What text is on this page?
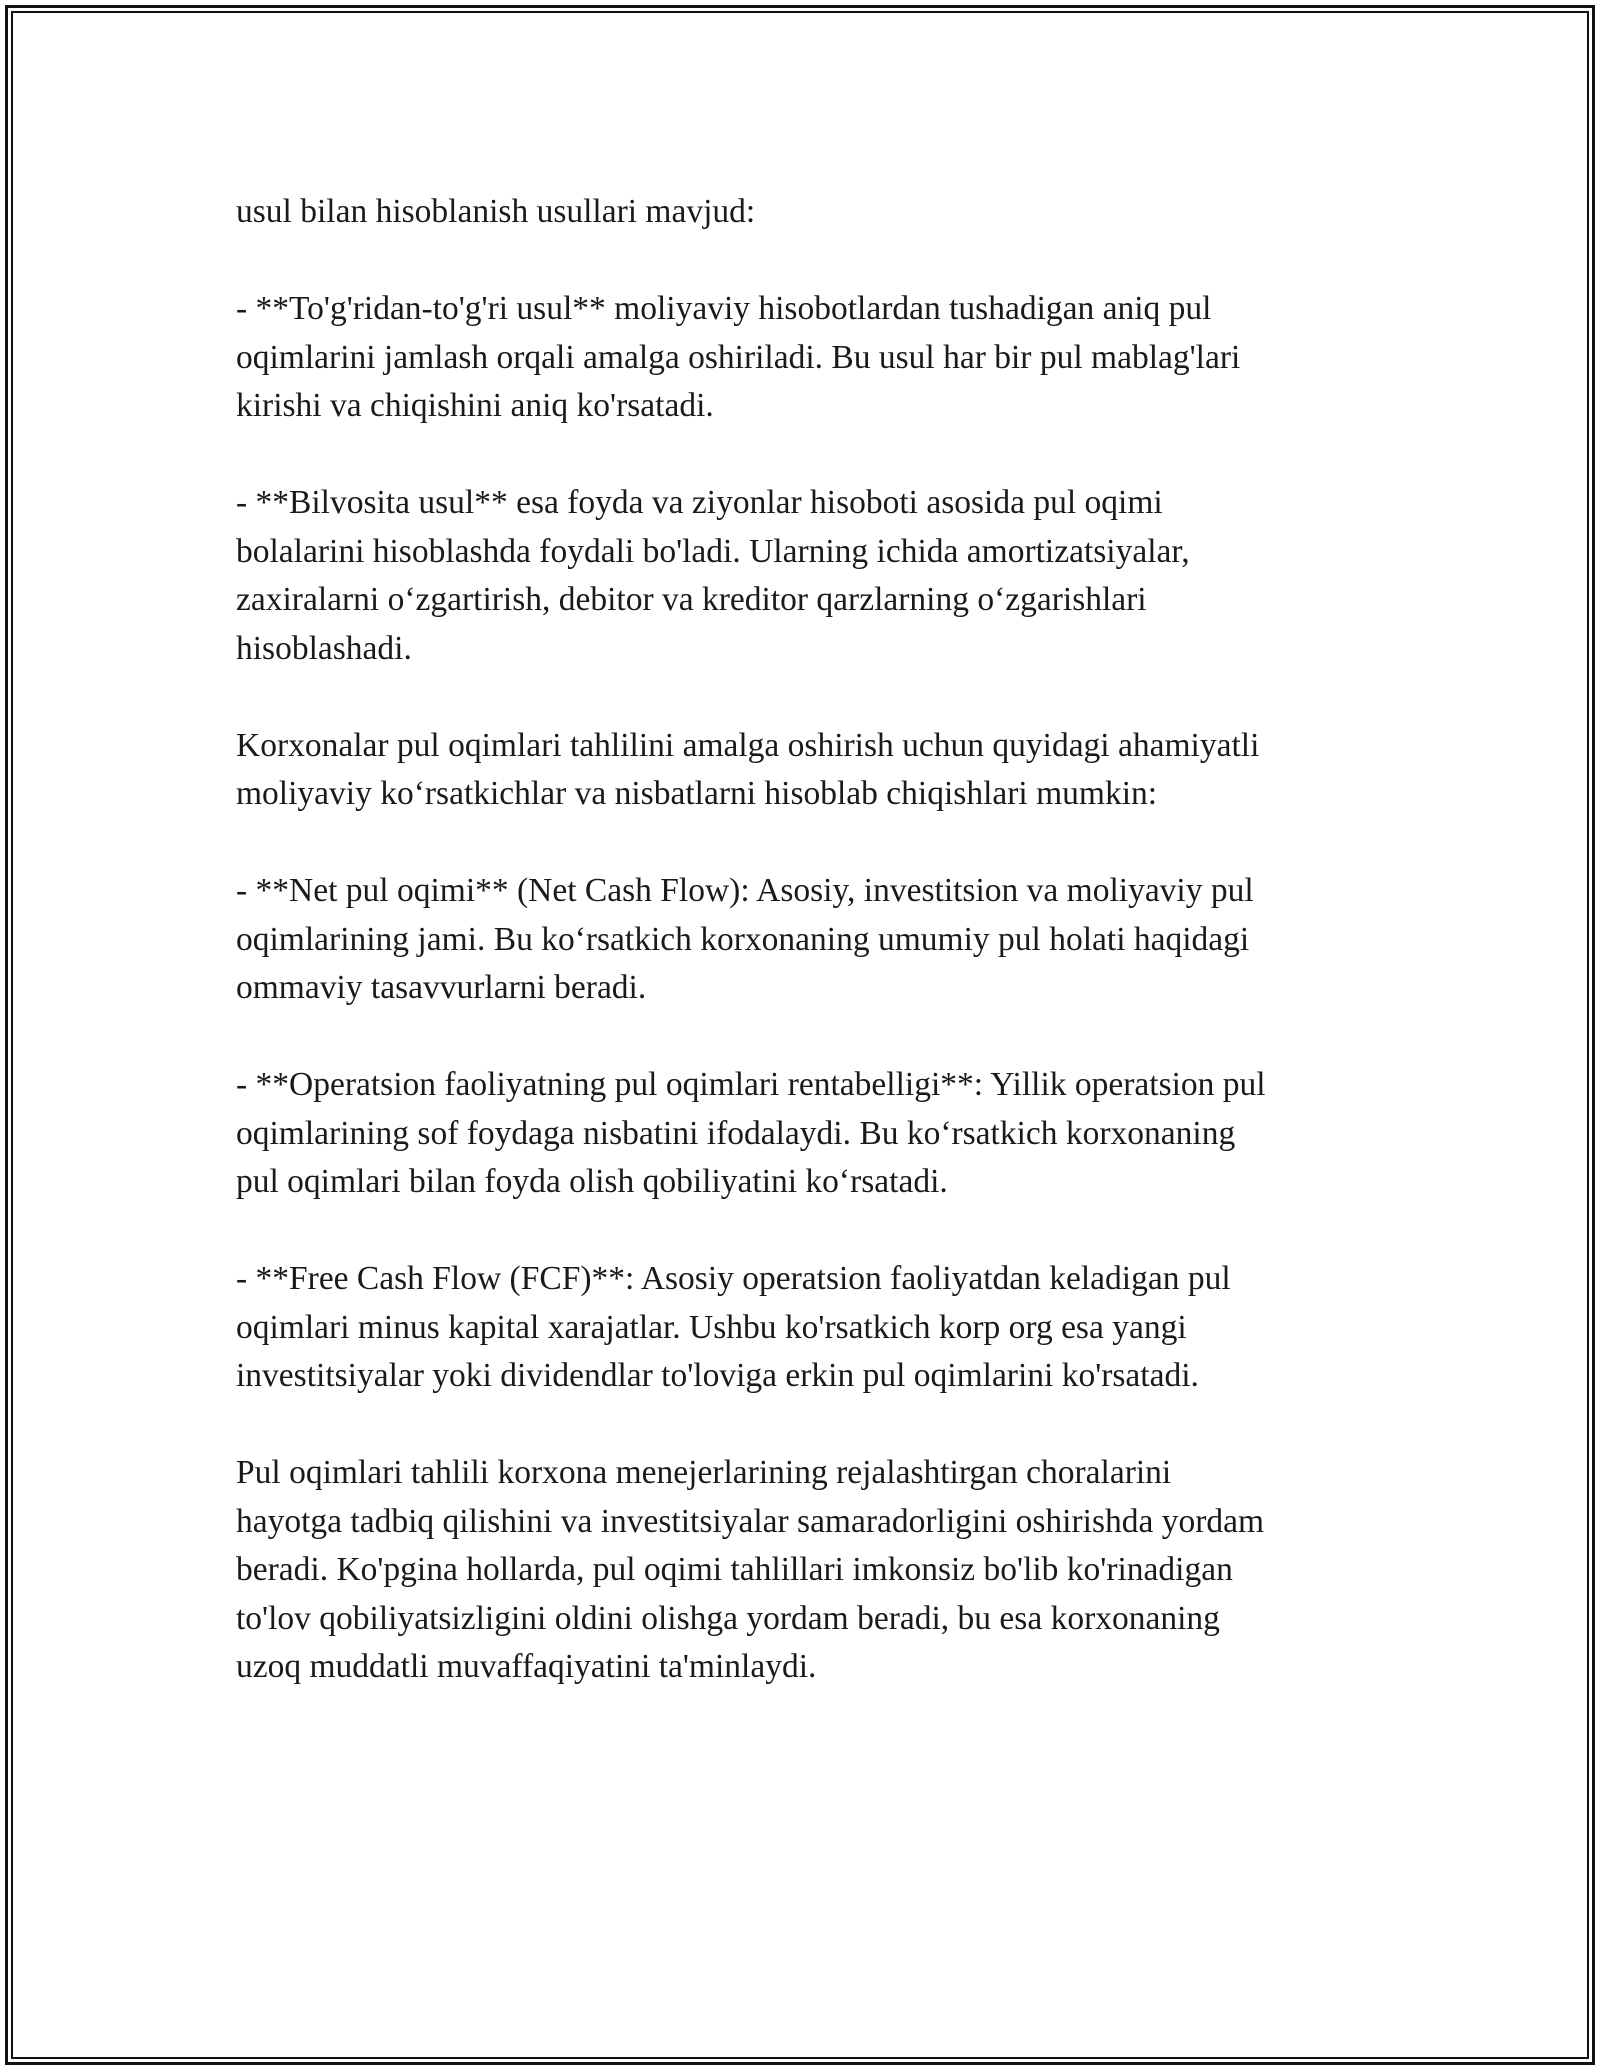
usul bilan hisoblanish usullari mavjud:

- **To'g'ridan-to'g'ri usul** moliyaviy hisobotlardan tushadigan aniq pul
oqimlarini jamlash orqali amalga oshiriladi. Bu usul har bir pul mablag'lari
kirishi va chiqishini aniq ko'rsatadi.

- **Bilvosita usul** esa foyda va ziyonlar hisoboti asosida pul oqimi
bolalarini hisoblashda foydali bo'ladi. Ularning ichida amortizatsiyalar,
zaxiralarni o‘zgartirish, debitor va kreditor qarzlarning o‘zgarishlari
hisoblashadi.

Korxonalar pul oqimlari tahlilini amalga oshirish uchun quyidagi ahamiyatli
moliyaviy ko‘rsatkichlar va nisbatlarni hisoblab chiqishlari mumkin:

- **Net pul oqimi** (Net Cash Flow): Asosiy, investitsion va moliyaviy pul
oqimlarining jami. Bu ko‘rsatkich korxonaning umumiy pul holati haqidagi
ommaviy tasavvurlarni beradi.

- **Operatsion faoliyatning pul oqimlari rentabelligi**: Yillik operatsion pul
oqimlarining sof foydaga nisbatini ifodalaydi. Bu ko‘rsatkich korxonaning
pul oqimlari bilan foyda olish qobiliyatini ko‘rsatadi.

- **Free Cash Flow (FCF)**: Asosiy operatsion faoliyatdan keladigan pul
oqimlari minus kapital xarajatlar. Ushbu ko'rsatkich korp org esa yangi
investitsiyalar yoki dividendlar to'loviga erkin pul oqimlarini ko'rsatadi.

Pul oqimlari tahlili korxona menejerlarining rejalashtirgan choralarini
hayotga tadbiq qilishini va investitsiyalar samaradorligini oshirishda yordam
beradi. Ko'pgina hollarda, pul oqimi tahlillari imkonsiz bo'lib ko'rinadigan
to'lov qobiliyatsizligini oldini olishga yordam beradi, bu esa korxonaning
uzoq muddatli muvaffaqiyatini ta'minlaydi.
